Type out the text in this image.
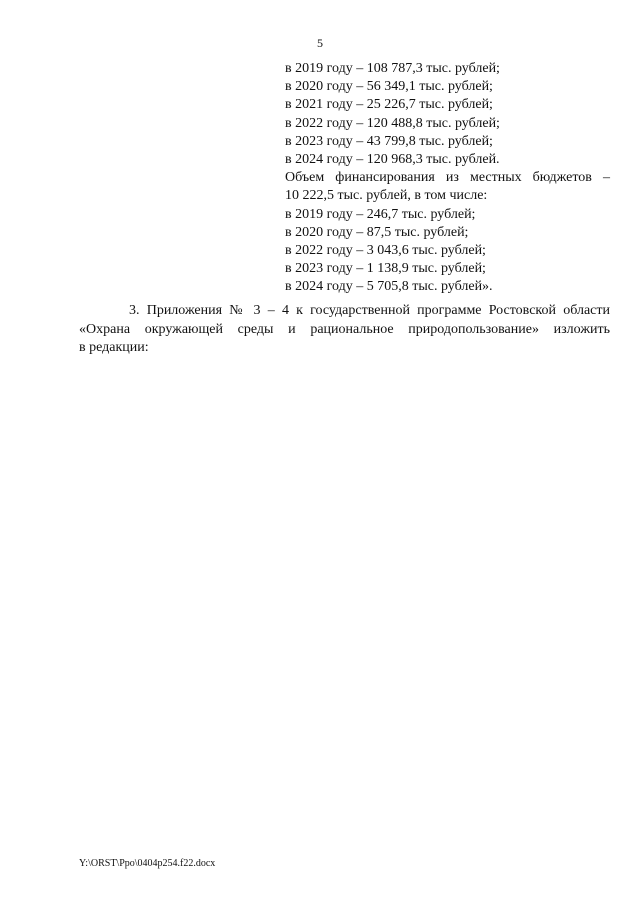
5
в 2019 году – 108 787,3 тыс. рублей;
в 2020 году – 56 349,1 тыс. рублей;
в 2021 году – 25 226,7 тыс. рублей;
в 2022 году – 120 488,8 тыс. рублей;
в 2023 году – 43 799,8 тыс. рублей;
в 2024 году – 120 968,3 тыс. рублей.
Объем финансирования из местных бюджетов –
10 222,5 тыс. рублей, в том числе:
в 2019 году – 246,7 тыс. рублей;
в 2020 году – 87,5 тыс. рублей;
в 2022 году – 3 043,6 тыс. рублей;
в 2023 году – 1 138,9 тыс. рублей;
в 2024 году – 5 705,8 тыс. рублей».
3. Приложения № 3 – 4 к государственной программе Ростовской области
«Охрана окружающей среды и рациональное природопользование» изложить
в редакции:
Y:\ORST\Ppo\0404p254.f22.docx
